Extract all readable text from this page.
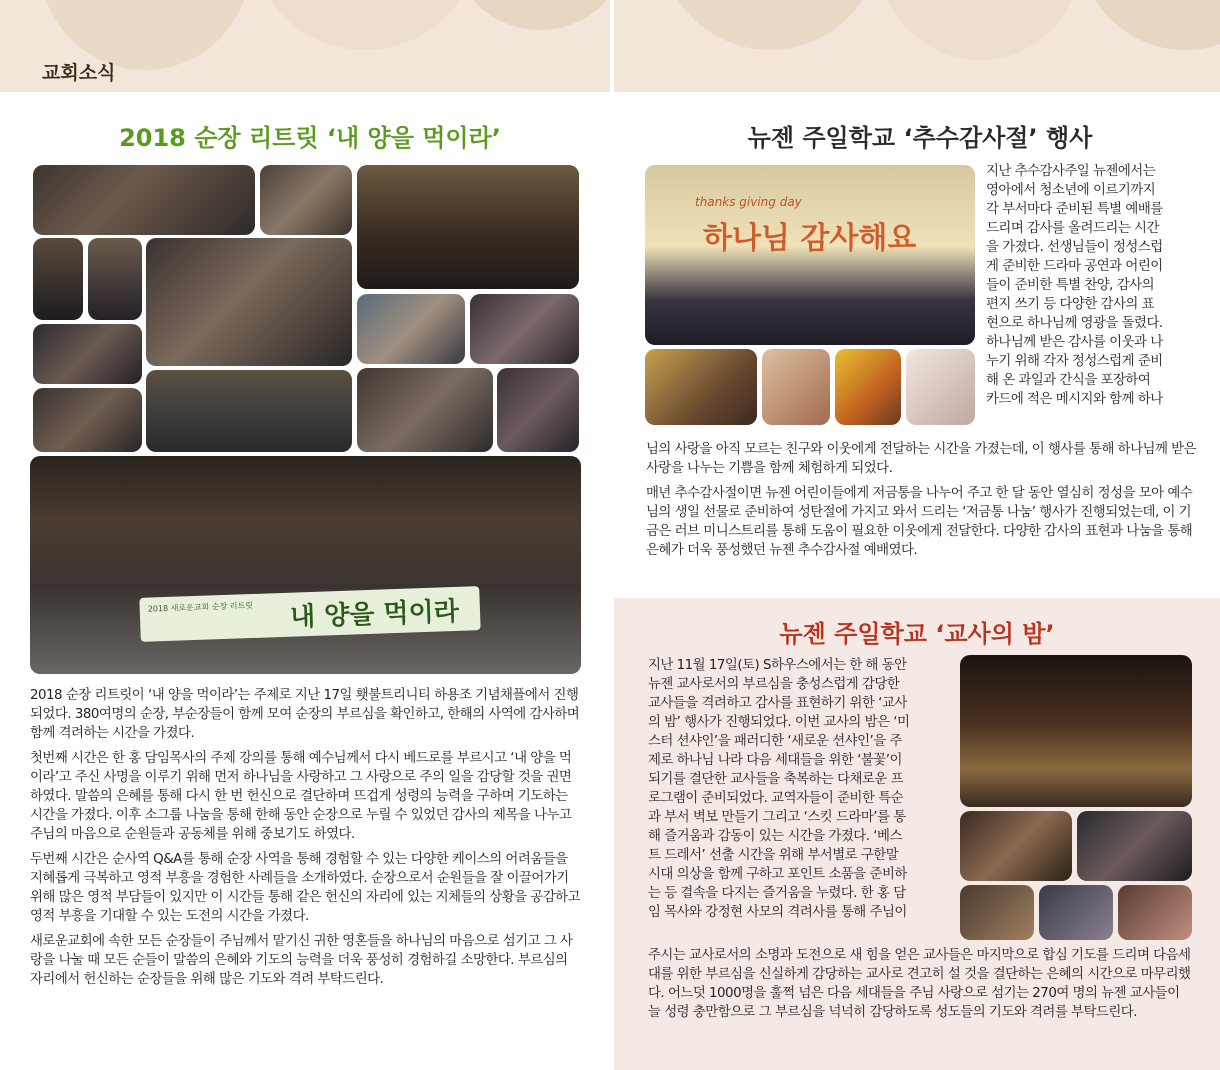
교회소식
2018 순장 리트릿 ‘내 양을 먹이라’
2018 새로운교회 순장 리트릿 내 양을 먹이라

2018 순장 리트릿이 ‘내 양을 먹이라’는 주제로 지난 17일 횃불트리니티 하용조 기념채플에서 진행되었다. 380여명의 순장, 부순장들이 함께 모여 순장의 부르심을 확인하고, 한해의 사역에 감사하며 함께 격려하는 시간을 가졌다.

첫번째 시간은 한 홍 담임목사의 주제 강의를 통해 예수님께서 다시 베드로를 부르시고 ‘내 양을 먹이라’고 주신 사명을 이루기 위해 먼저 하나님을 사랑하고 그 사랑으로 주의 일을 감당할 것을 권면하였다. 말씀의 은혜를 통해 다시 한 번 헌신으로 결단하며 뜨겁게 성령의 능력을 구하며 기도하는 시간을 가졌다. 이후 소그룹 나눔을 통해 한해 동안 순장으로 누릴 수 있었던 감사의 제목을 나누고 주님의 마음으로 순원들과 공동체를 위해 중보기도 하였다.

두번째 시간은 순사역 Q&A를 통해 순장 사역을 통해 경험할 수 있는 다양한 케이스의 어려움들을 지혜롭게 극복하고 영적 부흥을 경험한 사례들을 소개하였다. 순장으로서 순원들을 잘 이끌어가기 위해 많은 영적 부담들이 있지만 이 시간들 통해 같은 헌신의 자리에 있는 지체들의 상황을 공감하고 영적 부흥을 기대할 수 있는 도전의 시간을 가졌다.

새로운교회에 속한 모든 순장들이 주님께서 맡기신 귀한 영혼들을 하나님의 마음으로 섬기고 그 사랑을 나눌 때 모든 순들이 말씀의 은혜와 기도의 능력을 더욱 풍성히 경험하길 소망한다. 부르심의 자리에서 헌신하는 순장들을 위해 많은 기도와 격려 부탁드린다.

뉴젠 주일학교 ‘추수감사절’ 행사
thanks giving day
하나님 감사해요
지난 추수감사주일 뉴젠에서는
영아에서 청소년에 이르기까지
각 부서마다 준비된 특별 예배를
드리며 감사를 올려드리는 시간
을 가졌다. 선생님들이 정성스럽
게 준비한 드라마 공연과 어린이
들이 준비한 특별 찬양, 감사의
편지 쓰기 등 다양한 감사의 표
현으로 하나님께 영광을 돌렸다.
하나님께 받은 감사를 이웃과 나
누기 위해 각자 정성스럽게 준비
해 온 과일과 간식을 포장하여
카드에 적은 메시지와 함께 하나

님의 사랑을 아직 모르는 친구와 이웃에게 전달하는 시간을 가졌는데, 이 행사를 통해 하나님께 받은 사랑을 나누는 기쁨을 함께 체험하게 되었다.

매년 추수감사절이면 뉴젠 어린이들에게 저금통을 나누어 주고 한 달 동안 열심히 정성을 모아 예수님의 생일 선물로 준비하여 성탄절에 가지고 와서 드리는 ‘저금통 나눔’ 행사가 진행되었는데, 이 기금은 러브 미니스트리를 통해 도움이 필요한 이웃에게 전달한다. 다양한 감사의 표현과 나눔을 통해 은혜가 더욱 풍성했던 뉴젠 추수감사절 예배였다.

뉴젠 주일학교 ‘교사의 밤’
지난 11월 17일(토) S하우스에서는 한 해 동안
뉴젠 교사로서의 부르심을 충성스럽게 감당한
교사들을 격려하고 감사를 표현하기 위한 ‘교사
의 밤’ 행사가 진행되었다. 이번 교사의 밤은 ‘미
스터 션샤인’을 패러디한 ‘새로운 션샤인’을 주
제로 하나님 나라 다음 세대들을 위한 ‘불꽃’이
되기를 결단한 교사들을 축복하는 다채로운 프
로그램이 준비되었다. 교역자들이 준비한 특순
과 부서 벽보 만들기 그리고 ‘스킷 드라마’를 통
해 즐거움과 감동이 있는 시간을 가졌다. ‘베스
트 드레서’ 선출 시간을 위해 부서별로 구한말
시대 의상을 함께 구하고 포인트 소품을 준비하
는 등 결속을 다지는 즐거움을 누렸다. 한 홍 담
임 목사와 강정현 사모의 격려사를 통해 주님이

주시는 교사로서의 소명과 도전으로 새 힘을 얻은 교사들은 마지막으로 합심 기도를 드리며 다음세대를 위한 부르심을 신실하게 감당하는 교사로 견고히 설 것을 결단하는 은혜의 시간으로 마무리했다. 어느덧 1000명을 훌쩍 넘은 다음 세대들을 주님 사랑으로 섬기는 270여 명의 뉴젠 교사들이 늘 성령 충만함으로 그 부르심을 넉넉히 감당하도록 성도들의 기도와 격려를 부탁드린다.
